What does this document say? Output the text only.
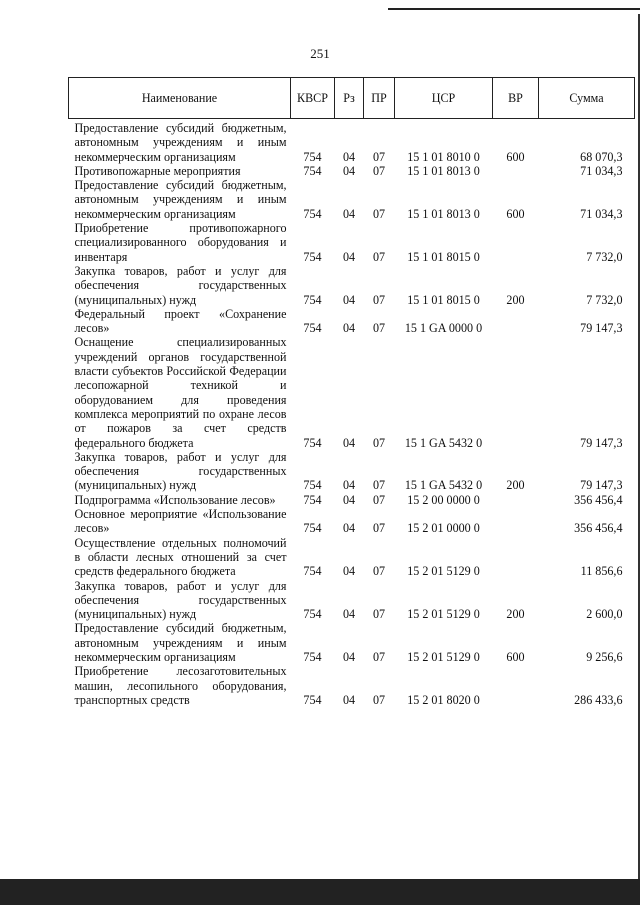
251
Наименование	КВСР	Рз	ПР	ЦСР	ВР	Сумма
Предоставление субсидий бюджетным, автономным учреждениям и иным некоммерческим организациям	754	04	07	15 1 01 8010 0	600	68 070,3
Противопожарные мероприятия	754	04	07	15 1 01 8013 0		71 034,3
Предоставление субсидий бюджетным, автономным учреждениям и иным некоммерческим организациям	754	04	07	15 1 01 8013 0	600	71 034,3
Приобретение противопожарного специализированного оборудования и инвентаря	754	04	07	15 1 01 8015 0		7 732,0
Закупка товаров, работ и услуг для обеспечения государственных (муниципальных) нужд	754	04	07	15 1 01 8015 0	200	7 732,0
Федеральный проект «Сохранение лесов»	754	04	07	15 1 GA 0000 0		79 147,3
Оснащение специализированных учреждений органов государственной власти субъектов Российской Федерации лесопожарной техникой и оборудованием для проведения комплекса мероприятий по охране лесов от пожаров за счет средств федерального бюджета	754	04	07	15 1 GA 5432 0		79 147,3
Закупка товаров, работ и услуг для обеспечения государственных (муниципальных) нужд	754	04	07	15 1 GA 5432 0	200	79 147,3
Подпрограмма «Использование лесов»	754	04	07	15 2 00 0000 0		356 456,4
Основное мероприятие «Использование лесов»	754	04	07	15 2 01 0000 0		356 456,4
Осуществление отдельных полномочий в области лесных отношений за счет средств федерального бюджета	754	04	07	15 2 01 5129 0		11 856,6
Закупка товаров, работ и услуг для обеспечения государственных (муниципальных) нужд	754	04	07	15 2 01 5129 0	200	2 600,0
Предоставление субсидий бюджетным, автономным учреждениям и иным некоммерческим организациям	754	04	07	15 2 01 5129 0	600	9 256,6
Приобретение лесозаготовительных машин, лесопильного оборудования, транспортных средств	754	04	07	15 2 01 8020 0		286 433,6
